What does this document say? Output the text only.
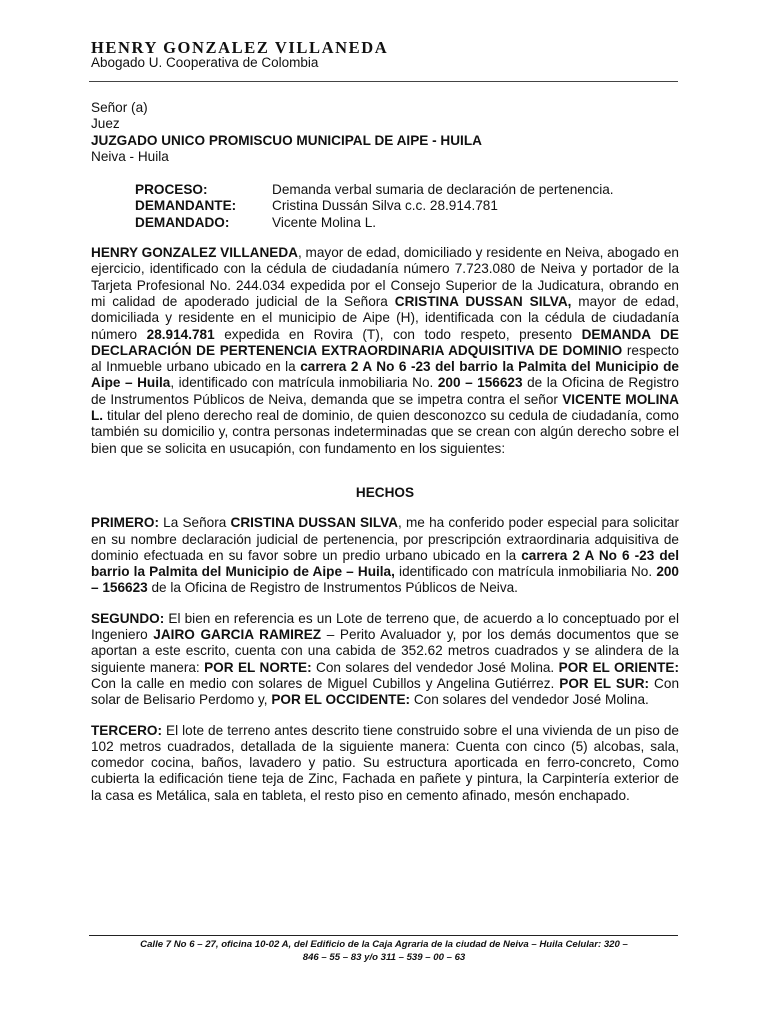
HENRY GONZALEZ VILLANEDA
Abogado U. Cooperativa de Colombia
Señor (a)
Juez
JUZGADO UNICO PROMISCUO MUNICIPAL DE AIPE - HUILA
Neiva - Huila
PROCESO:	Demanda verbal sumaria de declaración de pertenencia.
DEMANDANTE:	Cristina Dussán Silva c.c. 28.914.781
DEMANDADO:	Vicente Molina L.

HENRY GONZALEZ VILLANEDA, mayor de edad, domiciliado y residente en Neiva, abogado en ejercicio, identificado con la cédula de ciudadanía número 7.723.080 de Neiva y portador de la Tarjeta Profesional No. 244.034 expedida por el Consejo Superior de la Judicatura, obrando en mi calidad de apoderado judicial de la Señora CRISTINA DUSSAN SILVA, mayor de edad, domiciliada y residente en el municipio de Aipe (H), identificada con la cédula de ciudadanía número 28.914.781 expedida en Rovira (T), con todo respeto, presento DEMANDA DE DECLARACIÓN DE PERTENENCIA EXTRAORDINARIA ADQUISITIVA DE DOMINIO respecto al Inmueble urbano ubicado en la carrera 2 A No 6 -23 del barrio la Palmita del Municipio de Aipe – Huila, identificado con matrícula inmobiliaria No. 200 – 156623 de la Oficina de Registro de Instrumentos Públicos de Neiva, demanda que se impetra contra el señor VICENTE MOLINA L. titular del pleno derecho real de dominio, de quien desconozco su cedula de ciudadanía, como también su domicilio y, contra personas indeterminadas que se crean con algún derecho sobre el bien que se solicita en usucapión, con fundamento en los siguientes:

HECHOS

PRIMERO: La Señora CRISTINA DUSSAN SILVA, me ha conferido poder especial para solicitar en su nombre declaración judicial de pertenencia, por prescripción extraordinaria adquisitiva de dominio efectuada en su favor sobre un predio urbano ubicado en la carrera 2 A No 6 -23 del barrio la Palmita del Municipio de Aipe – Huila, identificado con matrícula inmobiliaria No. 200 – 156623 de la Oficina de Registro de Instrumentos Públicos de Neiva.

SEGUNDO: El bien en referencia es un Lote de terreno que, de acuerdo a lo conceptuado por el Ingeniero JAIRO GARCIA RAMIREZ – Perito Avaluador y, por los demás documentos que se aportan a este escrito, cuenta con una cabida de 352.62 metros cuadrados y se alindera de la siguiente manera: POR EL NORTE: Con solares del vendedor José Molina. POR EL ORIENTE: Con la calle en medio con solares de Miguel Cubillos y Angelina Gutiérrez. POR EL SUR: Con solar de Belisario Perdomo y, POR EL OCCIDENTE: Con solares del vendedor José Molina.

TERCERO: El lote de terreno antes descrito tiene construido sobre el una vivienda de un piso de 102 metros cuadrados, detallada de la siguiente manera: Cuenta con cinco (5) alcobas, sala, comedor cocina, baños, lavadero y patio. Su estructura aporticada en ferro-concreto, Como cubierta la edificación tiene teja de Zinc, Fachada en pañete y pintura, la Carpintería exterior de la casa es Metálica, sala en tableta, el resto piso en cemento afinado, mesón enchapado.

Calle 7 No 6 – 27, oficina 10-02 A, del Edificio de la Caja Agraria de la ciudad de Neiva – Huila Celular: 320 –
846 – 55 – 83 y/o 311 – 539 – 00 – 63
